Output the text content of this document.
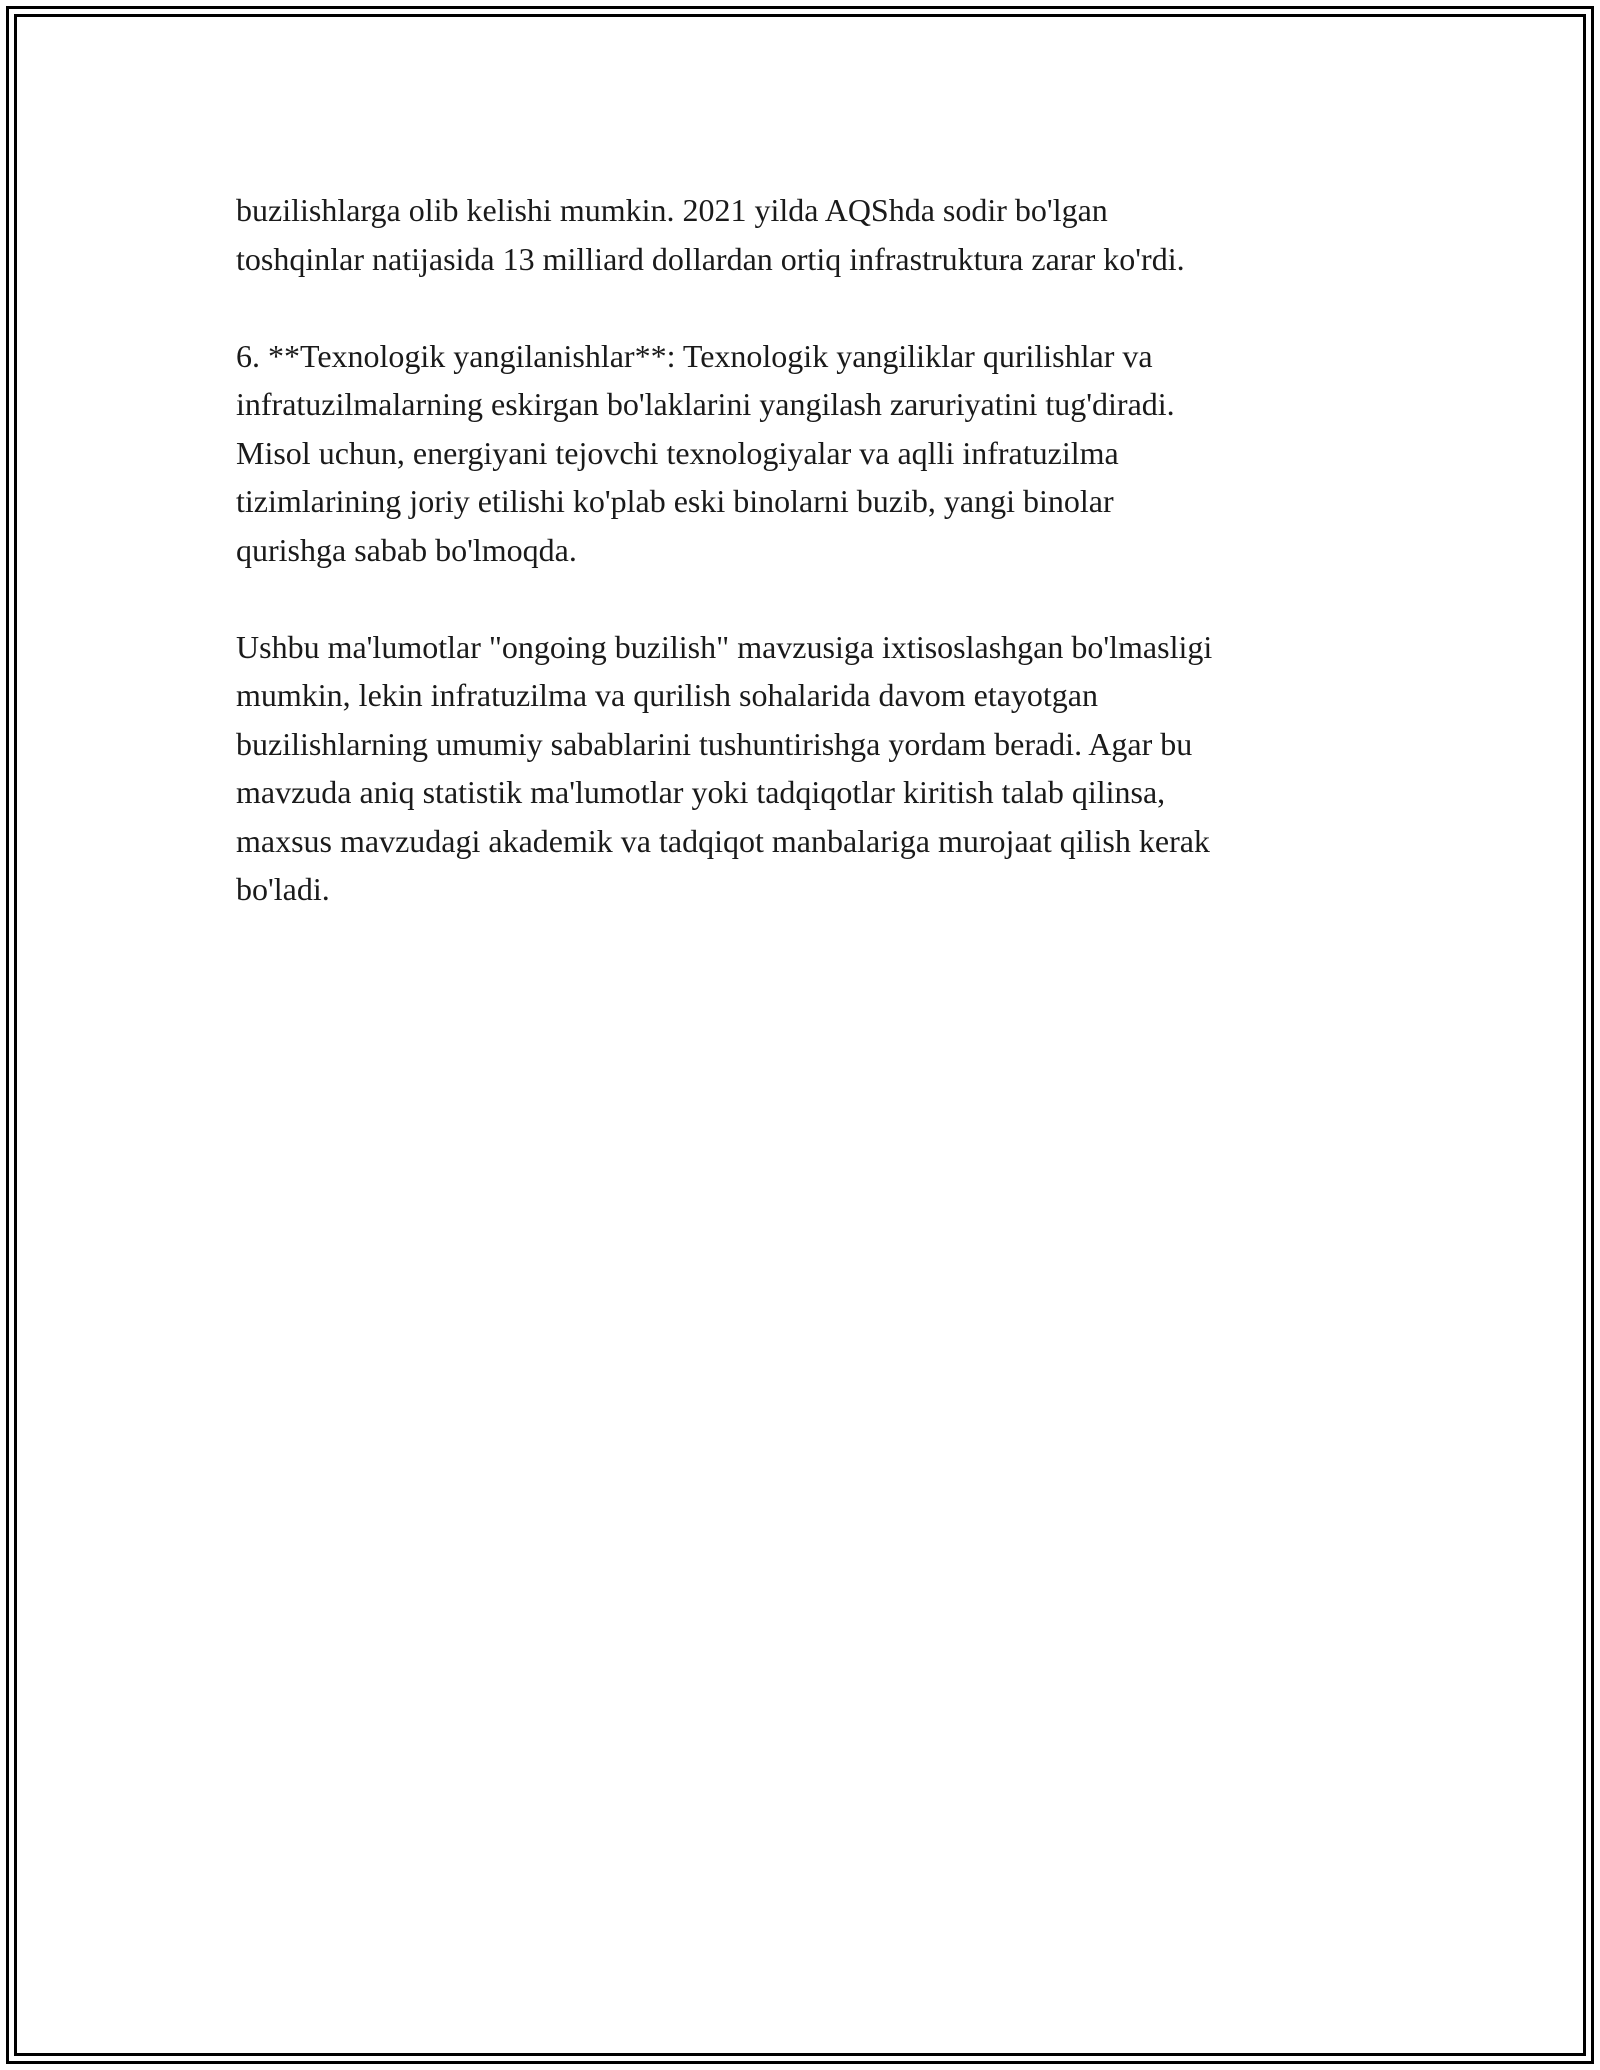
buzilishlarga olib kelishi mumkin. 2021 yilda AQShda sodir bo'lgan
toshqinlar natijasida 13 milliard dollardan ortiq infrastruktura zarar ko'rdi.

6. **Texnologik yangilanishlar**: Texnologik yangiliklar qurilishlar va
infratuzilmalarning eskirgan bo'laklarini yangilash zaruriyatini tug'diradi.
Misol uchun, energiyani tejovchi texnologiyalar va aqlli infratuzilma
tizimlarining joriy etilishi ko'plab eski binolarni buzib, yangi binolar
qurishga sabab bo'lmoqda.

Ushbu ma'lumotlar "ongoing buzilish" mavzusiga ixtisoslashgan bo'lmasligi
mumkin, lekin infratuzilma va qurilish sohalarida davom etayotgan
buzilishlarning umumiy sabablarini tushuntirishga yordam beradi. Agar bu
mavzuda aniq statistik ma'lumotlar yoki tadqiqotlar kiritish talab qilinsa,
maxsus mavzudagi akademik va tadqiqot manbalariga murojaat qilish kerak
bo'ladi.
